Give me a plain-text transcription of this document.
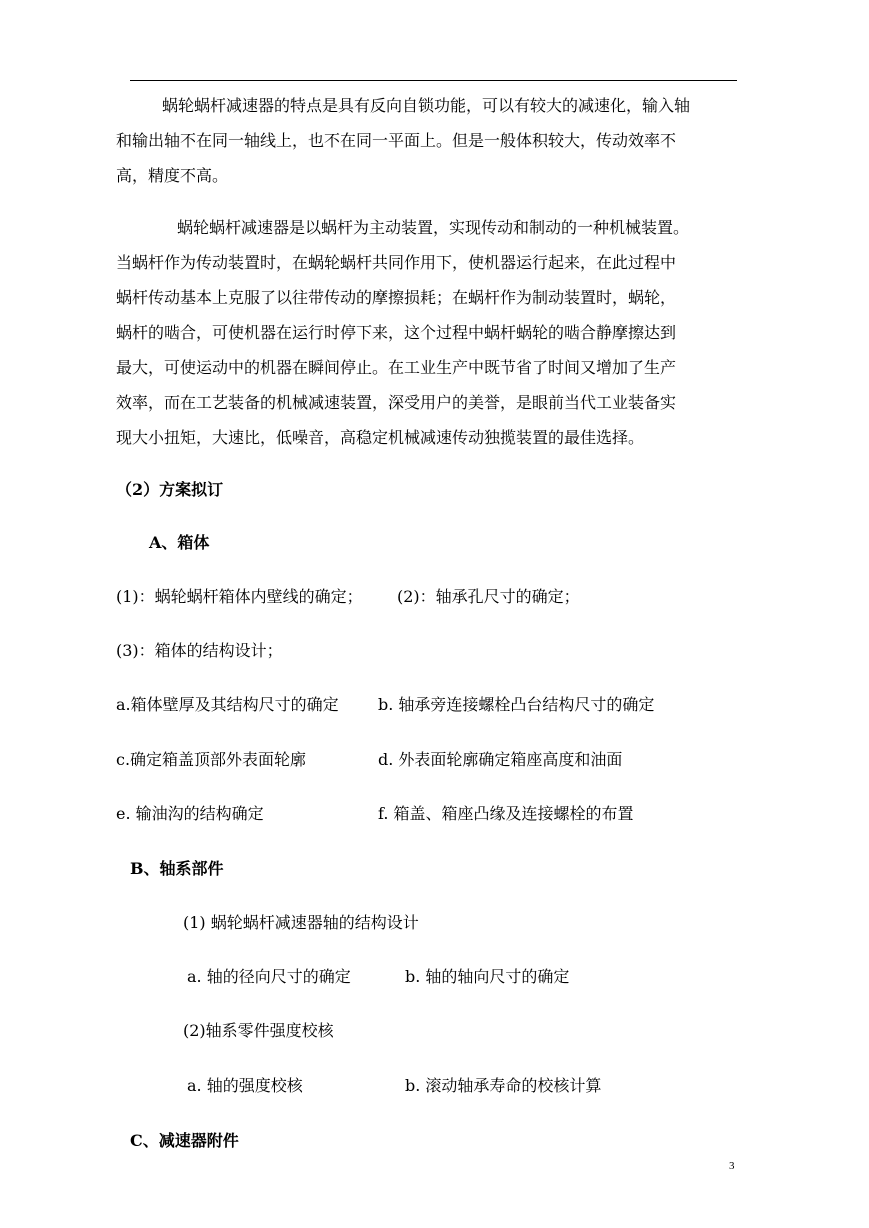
蜗轮蜗杆减速器的特点是具有反向自锁功能，可以有较大的减速化，输入轴
和输出轴不在同一轴线上，也不在同一平面上。但是一般体积较大，传动效率不
高，精度不高。
蜗轮蜗杆减速器是以蜗杆为主动装置，实现传动和制动的一种机械装置。
当蜗杆作为传动装置时，在蜗轮蜗杆共同作用下，使机器运行起来，在此过程中
蜗杆传动基本上克服了以往带传动的摩擦损耗；在蜗杆作为制动装置时，蜗轮，
蜗杆的啮合，可使机器在运行时停下来，这个过程中蜗杆蜗轮的啮合静摩擦达到
最大，可使运动中的机器在瞬间停止。在工业生产中既节省了时间又增加了生产
效率，而在工艺装备的机械减速装置，深受用户的美誉，是眼前当代工业装备实
现大小扭矩，大速比，低噪音，高稳定机械减速传动独揽装置的最佳选择。
（2）方案拟订
A、箱体
(1)：蜗轮蜗杆箱体内壁线的确定； (2)：轴承孔尺寸的确定；
(3)：箱体的结构设计；
a.箱体壁厚及其结构尺寸的确定 b. 轴承旁连接螺栓凸台结构尺寸的确定
c.确定箱盖顶部外表面轮廓	d. 外表面轮廓确定箱座高度和油面
e. 输油沟的结构确定	f. 箱盖、箱座凸缘及连接螺栓的布置
B、轴系部件
(1) 蜗轮蜗杆减速器轴的结构设计
a. 轴的径向尺寸的确定	b. 轴的轴向尺寸的确定
(2)轴系零件强度校核
a. 轴的强度校核	b. 滚动轴承寿命的校核计算
C、减速器附件
3
